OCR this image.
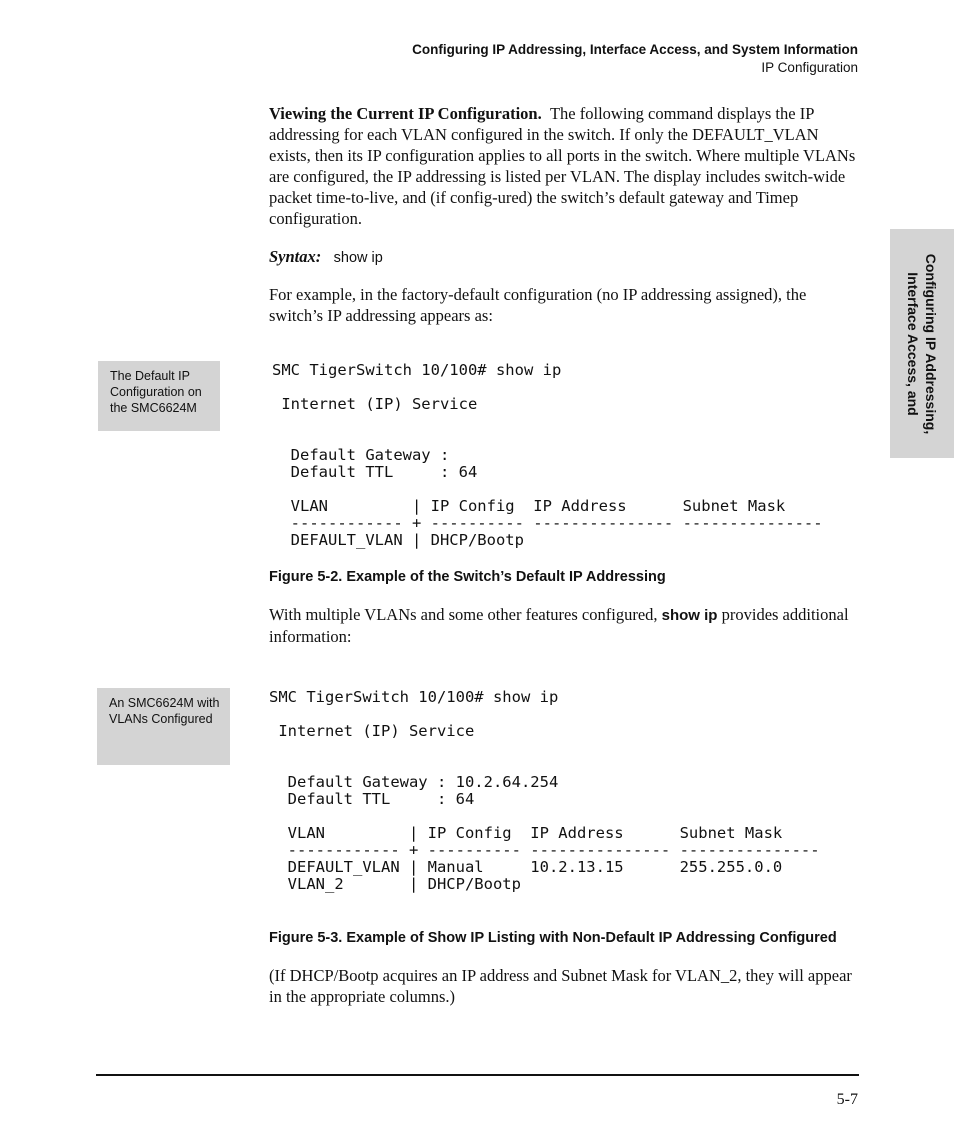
Configuring IP Addressing, Interface Access, and System Information
IP Configuration
Configuring IP Addressing,
Interface Access, and
Viewing the Current IP Configuration. The following command displays the IP addressing for each VLAN configured in the switch. If only the DEFAULT_VLAN exists, then its IP configuration applies to all ports in the switch. Where multiple VLANs are configured, the IP addressing is listed per VLAN. The display includes switch-wide packet time-to-live, and (if config-ured) the switch’s default gateway and Timep configuration.
Syntax: show ip
For example, in the factory-default configuration (no IP addressing assigned), the switch’s IP addressing appears as:
The Default IP Configuration on the SMC6624M
SMC TigerSwitch 10/100# show ip

Internet (IP) Service

Default Gateway :
Default TTL     : 64

VLAN         | IP Config  IP Address      Subnet Mask
------------ + ---------- --------------- ---------------
DEFAULT_VLAN | DHCP/Bootp
Figure 5-2. Example of the Switch’s Default IP Addressing
With multiple VLANs and some other features configured, show ip provides additional information:
An SMC6624M with VLANs Configured
SMC TigerSwitch 10/100# show ip

Internet (IP) Service

Default Gateway : 10.2.64.254
Default TTL     : 64

VLAN         | IP Config  IP Address      Subnet Mask
------------ + ---------- --------------- ---------------
DEFAULT_VLAN | Manual     10.2.13.15      255.255.0.0
VLAN_2       | DHCP/Bootp
Figure 5-3. Example of Show IP Listing with Non-Default IP Addressing Configured
(If DHCP/Bootp acquires an IP address and Subnet Mask for VLAN_2, they will appear in the appropriate columns.)
5-7
